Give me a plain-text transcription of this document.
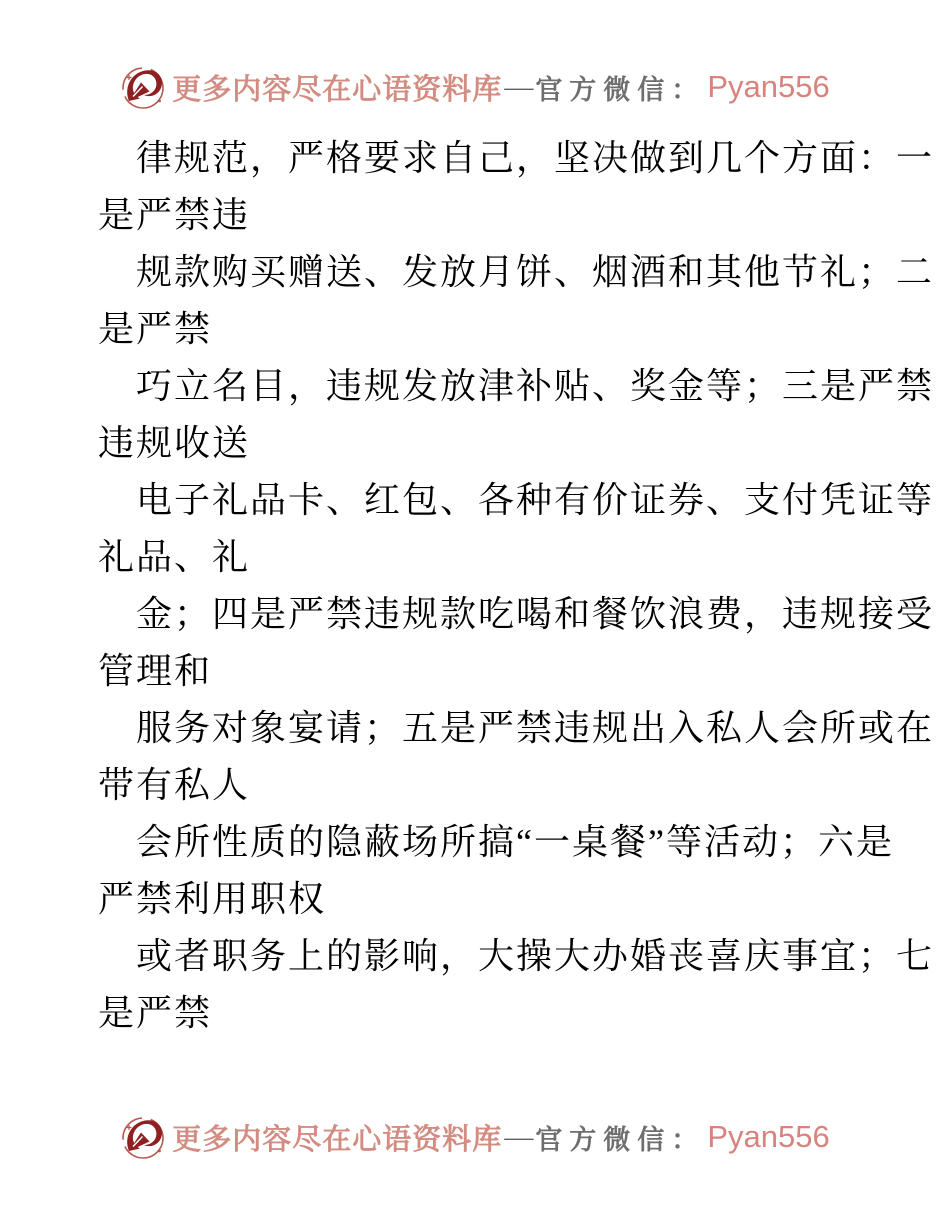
更多内容尽在心语资料库 — 官方微信： Pyan556
律规范，严格要求自己，坚决做到几个方面：一
是严禁违
规款购买赠送、发放月饼、烟酒和其他节礼；二
是严禁
巧立名目，违规发放津补贴、奖金等；三是严禁
违规收送
电子礼品卡、红包、各种有价证券、支付凭证等
礼品、礼
金；四是严禁违规款吃喝和餐饮浪费，违规接受
管理和
服务对象宴请；五是严禁违规出入私人会所或在
带有私人
会所性质的隐蔽场所搞“一桌餐”等活动；六是
严禁利用职权
或者职务上的影响，大操大办婚丧喜庆事宜；七
是严禁
更多内容尽在心语资料库 — 官方微信： Pyan556
